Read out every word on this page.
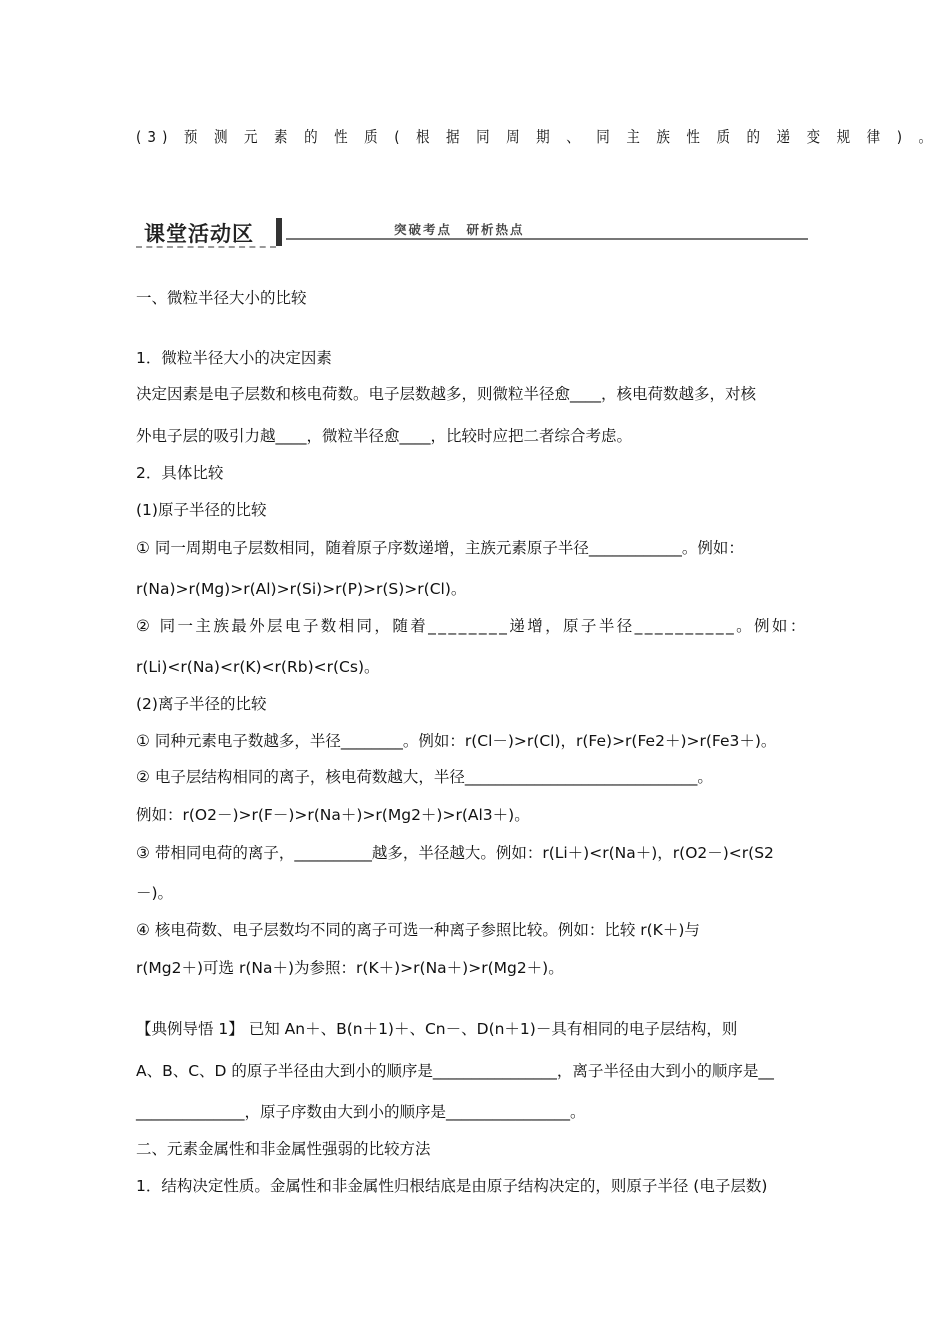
(3) 预 测 元 素 的 性 质 ( 根 据 同 周 期 、 同 主 族 性 质 的 递 变 规 律 ) 。
课堂活动区	突破考点　研析热点
一、微粒半径大小的比较
1．微粒半径大小的决定因素
决定因素是电子层数和核电荷数。电子层数越多，则微粒半径愈____，核电荷数越多，对核
外电子层的吸引力越____，微粒半径愈____，比较时应把二者综合考虑。
2．具体比较
(1)原子半径的比较
① 同一周期电子层数相同，随着原子序数递增，主族元素原子半径____________。例如：
r(Na)>r(Mg)>r(Al)>r(Si)>r(P)>r(S)>r(Cl)。
② 同一主族最外层电子数相同，随着________递增，原子半径__________。例如：
r(Li)<r(Na)<r(K)<r(Rb)<r(Cs)。
(2)离子半径的比较
① 同种元素电子数越多，半径________。例如：r(Cl－)>r(Cl)，r(Fe)>r(Fe2＋)>r(Fe3＋)。
② 电子层结构相同的离子，核电荷数越大，半径______________________________。
例如：r(O2－)>r(F－)>r(Na＋)>r(Mg2＋)>r(Al3＋)。
③ 带相同电荷的离子，__________越多，半径越大。例如：r(Li＋)<r(Na＋)，r(O2－)<r(S2
－)。
④ 核电荷数、电子层数均不同的离子可选一种离子参照比较。例如：比较 r(K＋)与
r(Mg2＋)可选 r(Na＋)为参照：r(K＋)>r(Na＋)>r(Mg2＋)。
【典例导悟 1】 已知 An＋、B(n＋1)＋、Cn－、D(n＋1)－具有相同的电子层结构，则
A、B、C、D 的原子半径由大到小的顺序是________________，离子半径由大到小的顺序是__
______________，原子序数由大到小的顺序是________________。
二、元素金属性和非金属性强弱的比较方法
1．结构决定性质。金属性和非金属性归根结底是由原子结构决定的，则原子半径 (电子层数)
